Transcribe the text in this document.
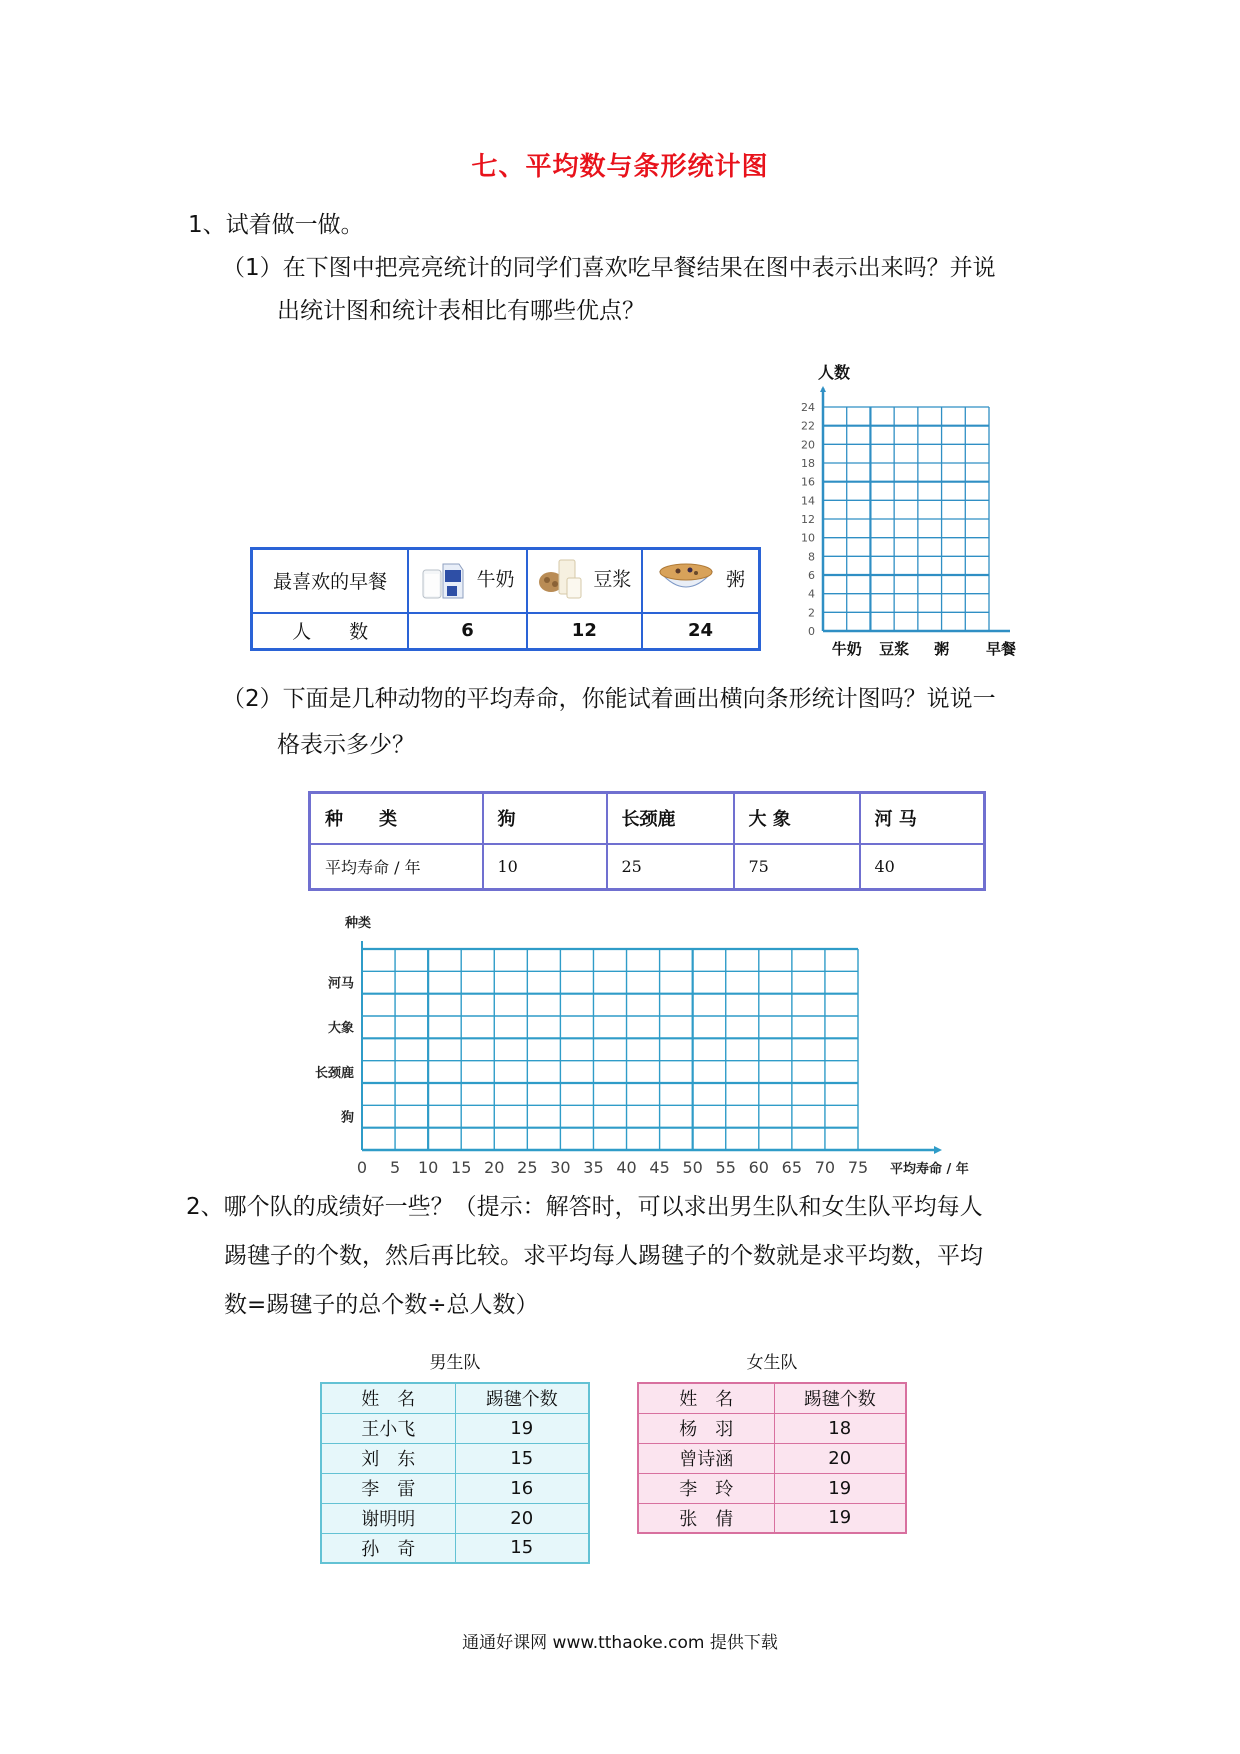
七、平均数与条形统计图
1、试着做一做。
（1）在下图中把亮亮统计的同学们喜欢吃早餐结果在图中表示出来吗？并说
出统计图和统计表相比有哪些优点？
最喜欢的早餐	牛奶	豆浆	粥
人　　数	6	12	24	0
2
4
6
8
10
12
14
16
18
20
22
24
牛奶 豆浆 粥
人数
早餐
（2）下面是几种动物的平均寿命，你能试着画出横向条形统计图吗？说说一
格表示多少？
种　　类	狗	长颈鹿	大 象	河 马
平均寿命 / 年	10	25	75	40
0 5 10 15 20 25 30 35 40 45 50 55 60 65 70 75
狗
长颈鹿
大象
河马
种类
平均寿命 / 年
2、哪个队的成绩好一些？（提示：解答时，可以求出男生队和女生队平均每人
踢毽子的个数，然后再比较。求平均每人踢毽子的个数就是求平均数，平均
数=踢毽子的总个数÷总人数）
男生队
姓　名	踢毽个数
王小飞	19
刘　东	15
李　雷	16
谢明明	20
孙　奇	15
女生队
姓　名	踢毽个数
杨　羽	18
曾诗涵	20
李　玲	19
张　倩	19
通通好课网 www.tthaoke.com 提供下载
